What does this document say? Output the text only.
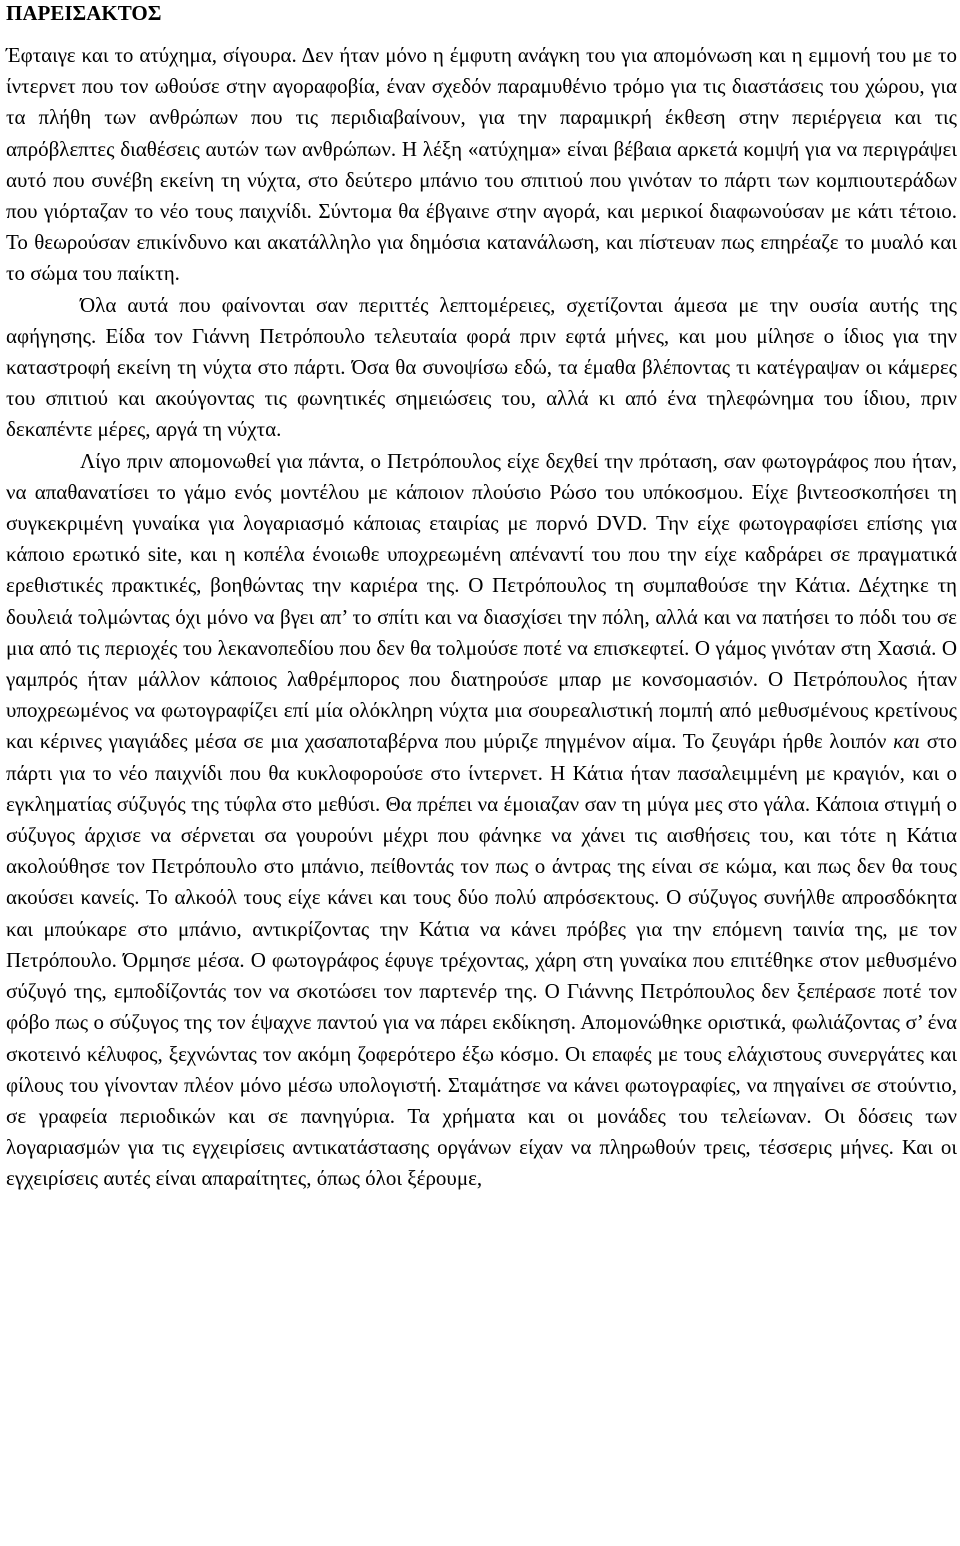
ΠΑΡΕΙΣΑΚΤΟΣ

Έφταιγε και το ατύχημα, σίγουρα. Δεν ήταν μόνο η έμφυτη ανάγκη του για απομόνωση και η εμμονή του με το ίντερνετ που τον ωθούσε στην αγοραφοβία, έναν σχεδόν παραμυθένιο τρόμο για τις διαστάσεις του χώρου, για τα πλήθη των ανθρώπων που τις περιδιαβαίνουν, για την παραμικρή έκθεση στην περιέργεια και τις απρόβλεπτες διαθέσεις αυτών των ανθρώπων. Η λέξη «ατύχημα» είναι βέβαια αρκετά κομψή για να περιγράψει αυτό που συνέβη εκείνη τη νύχτα, στο δεύτερο μπάνιο του σπιτιού που γινόταν το πάρτι των κομπιουτεράδων που γιόρταζαν το νέο τους παιχνίδι. Σύντομα θα έβγαινε στην αγορά, και μερικοί διαφωνούσαν με κάτι τέτοιο. Το θεωρούσαν επικίνδυνο και ακατάλληλο για δημόσια κατανάλωση, και πίστευαν πως επηρέαζε το μυαλό και το σώμα του παίκτη.

Όλα αυτά που φαίνονται σαν περιττές λεπτομέρειες, σχετίζονται άμεσα με την ουσία αυτής της αφήγησης. Είδα τον Γιάννη Πετρόπουλο τελευταία φορά πριν εφτά μήνες, και μου μίλησε ο ίδιος για την καταστροφή εκείνη τη νύχτα στο πάρτι. Όσα θα συνοψίσω εδώ, τα έμαθα βλέποντας τι κατέγραψαν οι κάμερες του σπιτιού και ακούγοντας τις φωνητικές σημειώσεις του, αλλά κι από ένα τηλεφώνημα του ίδιου, πριν δεκαπέντε μέρες, αργά τη νύχτα.

Λίγο πριν απομονωθεί για πάντα, ο Πετρόπουλος είχε δεχθεί την πρόταση, σαν φωτογράφος που ήταν, να απαθανατίσει το γάμο ενός μοντέλου με κάποιον πλούσιο Ρώσο του υπόκοσμου. Είχε βιντεοσκοπήσει τη συγκεκριμένη γυναίκα για λογαριασμό κάποιας εταιρίας με πορνό DVD. Την είχε φωτογραφίσει επίσης για κάποιο ερωτικό site, και η κοπέλα ένοιωθε υποχρεωμένη απέναντί του που την είχε καδράρει σε πραγματικά ερεθιστικές πρακτικές, βοηθώντας την καριέρα της. Ο Πετρόπουλος τη συμπαθούσε την Κάτια. Δέχτηκε τη δουλειά τολμώντας όχι μόνο να βγει απ’ το σπίτι και να διασχίσει την πόλη, αλλά και να πατήσει το πόδι του σε μια από τις περιοχές του λεκανοπεδίου που δεν θα τολμούσε ποτέ να επισκεφτεί. Ο γάμος γινόταν στη Χασιά. Ο γαμπρός ήταν μάλλον κάποιος λαθρέμπορος που διατηρούσε μπαρ με κονσομασιόν. Ο Πετρόπουλος ήταν υποχρεωμένος να φωτογραφίζει επί μία ολόκληρη νύχτα μια σουρεαλιστική πομπή από μεθυσμένους κρετίνους και κέρινες γιαγιάδες μέσα σε μια χασαποταβέρνα που μύριζε πηγμένον αίμα. Το ζευγάρι ήρθε λοιπόν και στο πάρτι για το νέο παιχνίδι που θα κυκλοφορούσε στο ίντερνετ. Η Κάτια ήταν πασαλειμμένη με κραγιόν, και ο εγκληματίας σύζυγός της τύφλα στο μεθύσι. Θα πρέπει να έμοιαζαν σαν τη μύγα μες στο γάλα. Κάποια στιγμή ο σύζυγος άρχισε να σέρνεται σα γουρούνι μέχρι που φάνηκε να χάνει τις αισθήσεις του, και τότε η Κάτια ακολούθησε τον Πετρόπουλο στο μπάνιο, πείθοντάς τον πως ο άντρας της είναι σε κώμα, και πως δεν θα τους ακούσει κανείς. Το αλκοόλ τους είχε κάνει και τους δύο πολύ απρόσεκτους. Ο σύζυγος συνήλθε απροσδόκητα και μπούκαρε στο μπάνιο, αντικρίζοντας την Κάτια να κάνει πρόβες για την επόμενη ταινία της, με τον Πετρόπουλο. Όρμησε μέσα. Ο φωτογράφος έφυγε τρέχοντας, χάρη στη γυναίκα που επιτέθηκε στον μεθυσμένο σύζυγό της, εμποδίζοντάς τον να σκοτώσει τον παρτενέρ της. Ο Γιάννης Πετρόπουλος δεν ξεπέρασε ποτέ τον φόβο πως ο σύζυγος της τον έψαχνε παντού για να πάρει εκδίκηση. Απομονώθηκε οριστικά, φωλιάζοντας σ’ ένα σκοτεινό κέλυφος, ξεχνώντας τον ακόμη ζοφερότερο έξω κόσμο. Οι επαφές με τους ελάχιστους συνεργάτες και φίλους του γίνονταν πλέον μόνο μέσω υπολογιστή. Σταμάτησε να κάνει φωτογραφίες, να πηγαίνει σε στούντιο, σε γραφεία περιοδικών και σε πανηγύρια. Τα χρήματα και οι μονάδες του τελείωναν. Οι δόσεις των λογαριασμών για τις εγχειρίσεις αντικατάστασης οργάνων είχαν να πληρωθούν τρεις, τέσσερις μήνες. Και οι εγχειρίσεις αυτές είναι απαραίτητες, όπως όλοι ξέρουμε,
